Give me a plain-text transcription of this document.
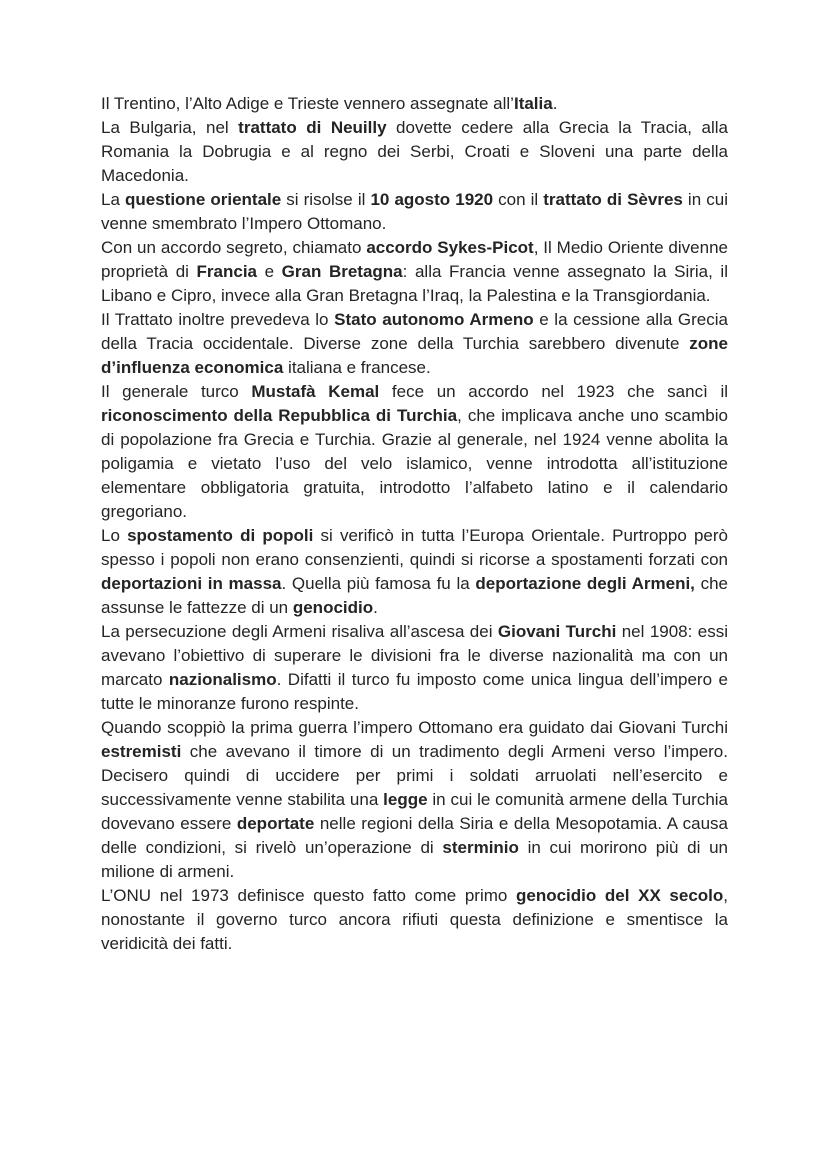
Il Trentino, l’Alto Adige e Trieste vennero assegnate all’Italia.

La Bulgaria, nel trattato di Neuilly dovette cedere alla Grecia la Tracia, alla Romania la Dobrugia e al regno dei Serbi, Croati e Sloveni una parte della Macedonia.

La questione orientale si risolse il 10 agosto 1920 con il trattato di Sèvres in cui venne smembrato l’Impero Ottomano.

Con un accordo segreto, chiamato accordo Sykes-Picot, Il Medio Oriente divenne proprietà di Francia e Gran Bretagna: alla Francia venne assegnato la Siria, il Libano e Cipro, invece alla Gran Bretagna l’Iraq, la Palestina e la Transgiordania.

Il Trattato inoltre prevedeva lo Stato autonomo Armeno e la cessione alla Grecia della Tracia occidentale. Diverse zone della Turchia sarebbero divenute zone d’influenza economica italiana e francese.

Il generale turco Mustafà Kemal fece un accordo nel 1923 che sancì il riconoscimento della Repubblica di Turchia, che implicava anche uno scambio di popolazione fra Grecia e Turchia. Grazie al generale, nel 1924 venne abolita la poligamia e vietato l’uso del velo islamico, venne introdotta all’istituzione elementare obbligatoria gratuita, introdotto l’alfabeto latino e il calendario gregoriano.

Lo spostamento di popoli si verificò in tutta l’Europa Orientale. Purtroppo però spesso i popoli non erano consenzienti, quindi si ricorse a spostamenti forzati con deportazioni in massa. Quella più famosa fu la deportazione degli Armeni, che assunse le fattezze di un genocidio.

La persecuzione degli Armeni risaliva all’ascesa dei Giovani Turchi nel 1908: essi avevano l’obiettivo di superare le divisioni fra le diverse nazionalità ma con un marcato nazionalismo. Difatti il turco fu imposto come unica lingua dell’impero e tutte le minoranze furono respinte.

Quando scoppiò la prima guerra l’impero Ottomano era guidato dai Giovani Turchi estremisti che avevano il timore di un tradimento degli Armeni verso l’impero. Decisero quindi di uccidere per primi i soldati arruolati nell’esercito e successivamente venne stabilita una legge in cui le comunità armene della Turchia dovevano essere deportate nelle regioni della Siria e della Mesopotamia. A causa delle condizioni, si rivelò un’operazione di sterminio in cui morirono più di un milione di armeni.

L’ONU nel 1973 definisce questo fatto come primo genocidio del XX secolo, nonostante il governo turco ancora rifiuti questa definizione e smentisce la veridicità dei fatti.
